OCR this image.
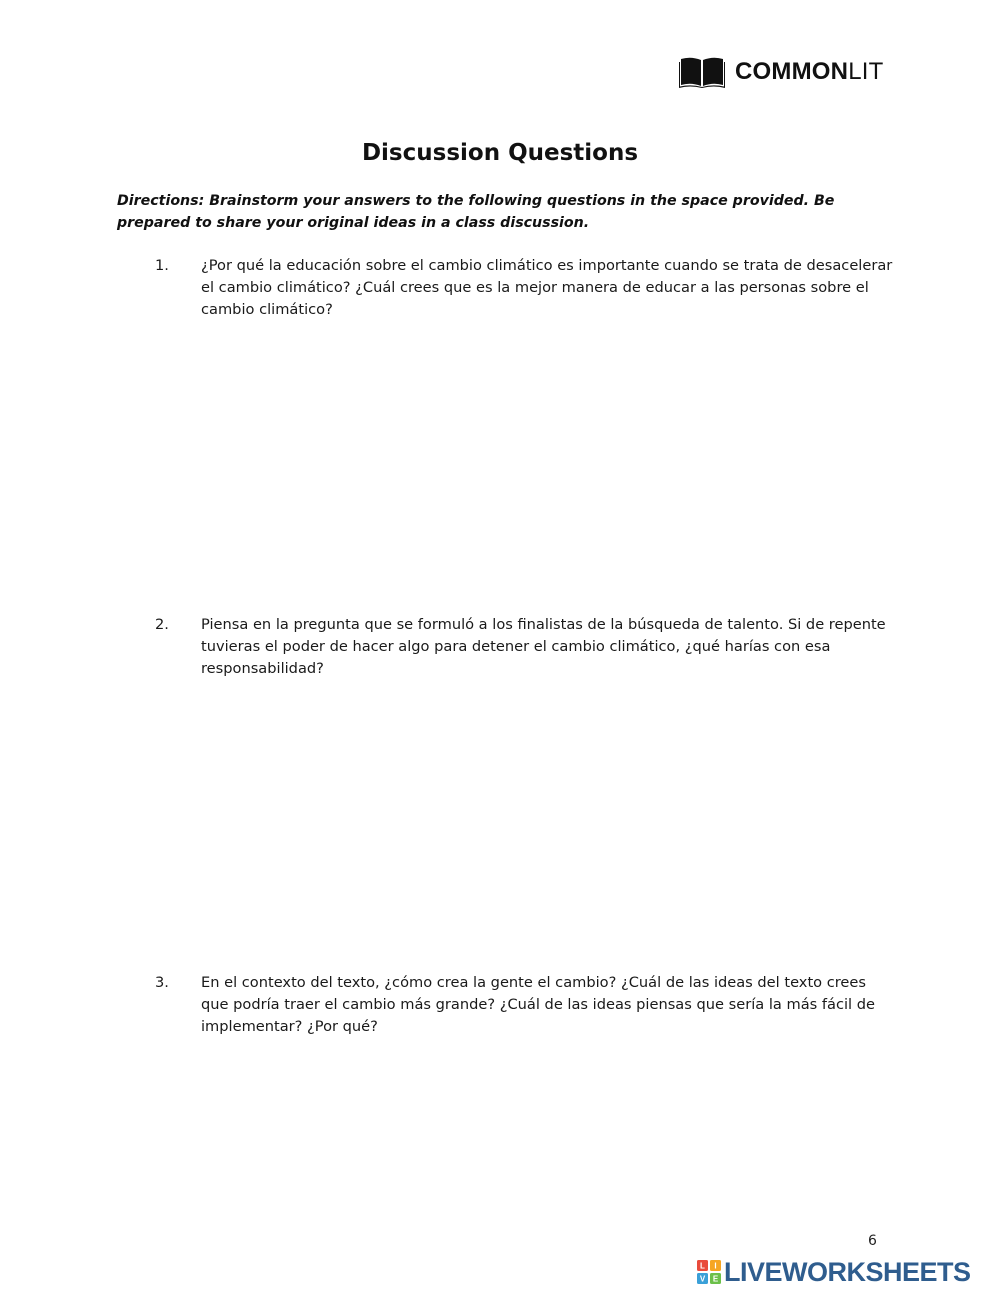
COMMONLIT
Discussion Questions
Directions: Brainstorm your answers to the following questions in the space provided. Be prepared to share your original ideas in a class discussion.
1.	¿Por qué la educación sobre el cambio climático es importante cuando se trata de desacelerar el cambio climático? ¿Cuál crees que es la mejor manera de educar a las personas sobre el cambio climático?
2.	Piensa en la pregunta que se formuló a los finalistas de la búsqueda de talento. Si de repente tuvieras el poder de hacer algo para detener el cambio climático, ¿qué harías con esa responsabilidad?
3.	En el contexto del texto, ¿cómo crea la gente el cambio? ¿Cuál de las ideas del texto crees que podría traer el cambio más grande? ¿Cuál de las ideas piensas que sería la más fácil de implementar? ¿Por qué?
6
L I
V E LIVEWORKSHEETS
